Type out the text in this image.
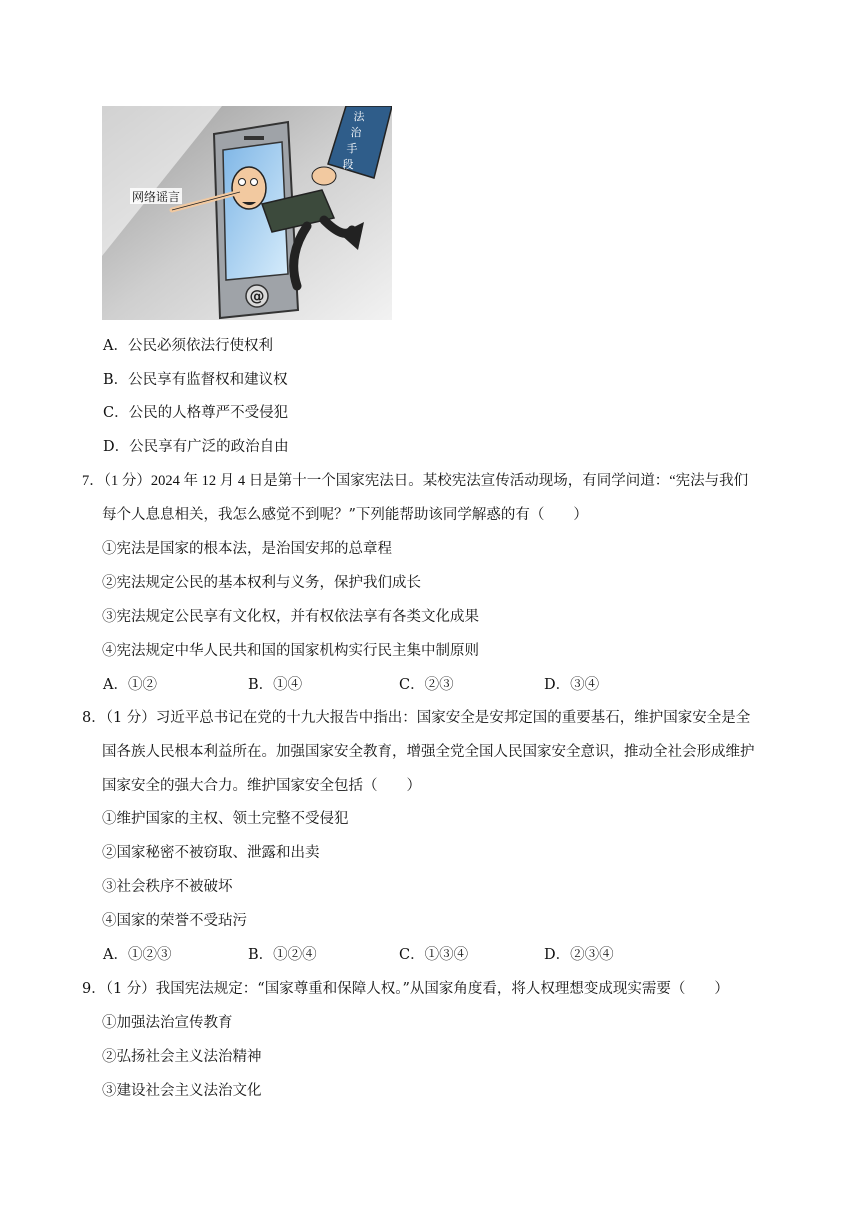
@
法
治
手
段
网络谣言
A．公民必须依法行使权利
B．公民享有监督权和建议权
C．公民的人格尊严不受侵犯
D．公民享有广泛的政治自由
7．（1 分）2024 年 12 月 4 日是第十一个国家宪法日。某校宪法宣传活动现场，有同学问道：“宪法与我们
每个人息息相关，我怎么感觉不到呢？”下列能帮助该同学解惑的有（　　）
①宪法是国家的根本法，是治国安邦的总章程
②宪法规定公民的基本权利与义务，保护我们成长
③宪法规定公民享有文化权，并有权依法享有各类文化成果
④宪法规定中华人民共和国的国家机构实行民主集中制原则
A．①②	B．①④	C．②③	D．③④
8．（1 分）习近平总书记在党的十九大报告中指出：国家安全是安邦定国的重要基石，维护国家安全是全
国各族人民根本利益所在。加强国家安全教育，增强全党全国人民国家安全意识，推动全社会形成维护
国家安全的强大合力。维护国家安全包括（　　）
①维护国家的主权、领土完整不受侵犯
②国家秘密不被窃取、泄露和出卖
③社会秩序不被破坏
④国家的荣誉不受玷污
A．①②③	B．①②④	C．①③④	D．②③④
9．（1 分）我国宪法规定：“国家尊重和保障人权。”从国家角度看，将人权理想变成现实需要（　　）
①加强法治宣传教育
②弘扬社会主义法治精神
③建设社会主义法治文化
